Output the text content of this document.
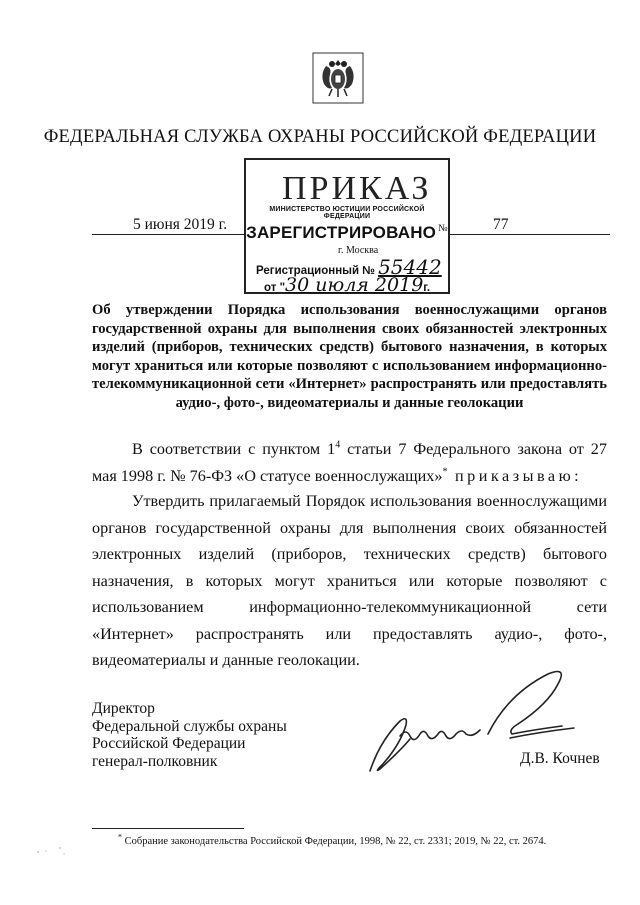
ФЕДЕРАЛЬНАЯ СЛУЖБА ОХРАНЫ РОССИЙСКОЙ ФЕДЕРАЦИИ
МИНИСТЕРСТВО ЮСТИЦИИ РОССИЙСКОЙ ФЕДЕРАЦИИ
ЗАРЕГИСТРИРОВАНО №
г. Москва
Регистрационный № 55442
от "30 июля 2019г.
ПРИКАЗ
5 июня 2019 г.	77
Об утверждении Порядка использования военнослужащими органов государственной охраны для выполнения своих обязанностей электронных изделий (приборов, технических средств) бытового назначения, в которых могут храниться или которые позволяют с использованием информационно-телекоммуникационной сети «Интернет» распространять или предоставлять аудио-, фото-, видеоматериалы и данные геолокации
В соответствии с пунктом $1^4$ статьи 7 Федерального закона от 27 мая 1998 г. № 76-ФЗ «О статусе военнослужащих»* приказываю:
Утвердить прилагаемый Порядок использования военнослужащими органов государственной охраны для выполнения своих обязанностей электронных изделий (приборов, технических средств) бытового назначения, в которых могут храниться или которые позволяют с использованием информационно-телекоммуникационной сети «Интернет» распространять или предоставлять аудио-, фото-, видеоматериалы и данные геолокации.
Директор
Федеральной службы охраны
Российской Федерации
генерал-полковник	Д.В. Кочнев
* Собрание законодательства Российской Федерации, 1998, № 22, ст. 2331; 2019, № 22, ст. 2674.
